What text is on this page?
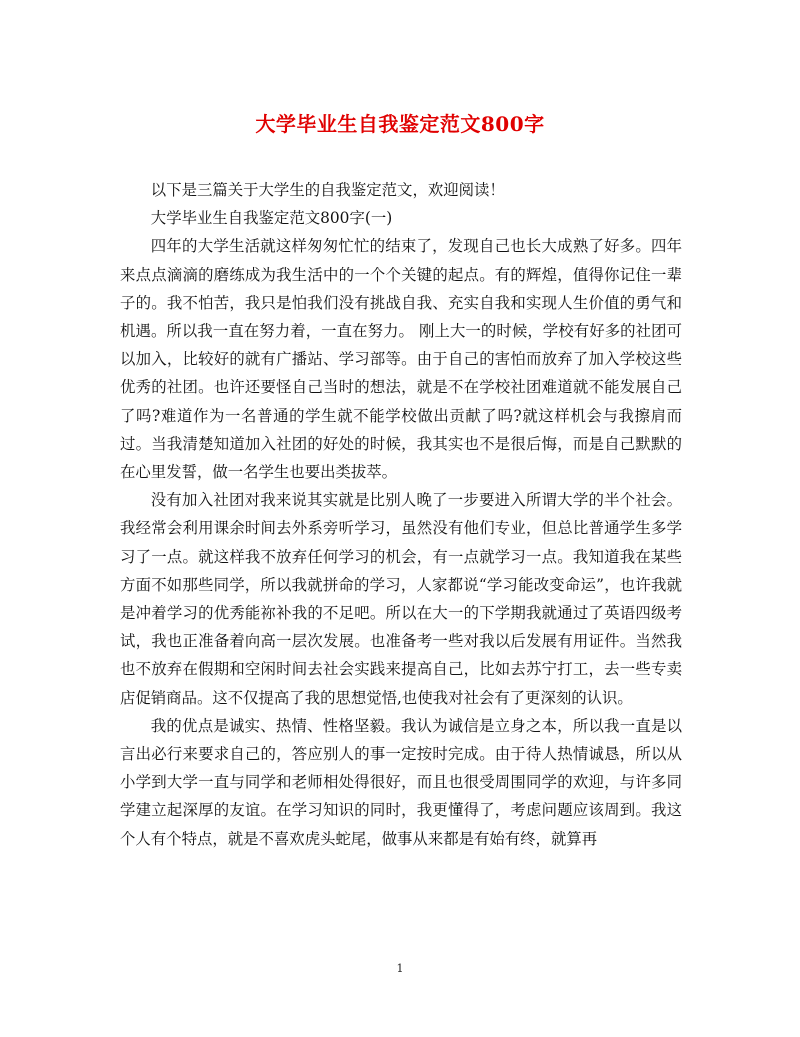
大学毕业生自我鉴定范文800字

以下是三篇关于大学生的自我鉴定范文，欢迎阅读！

大学毕业生自我鉴定范文800字(一)

四年的大学生活就这样匆匆忙忙的结束了，发现自己也长大成熟了好多。四年来点点滴滴的磨练成为我生活中的一个个关键的起点。有的辉煌，值得你记住一辈子的。我不怕苦，我只是怕我们没有挑战自我、充实自我和实现人生价值的勇气和机遇。所以我一直在努力着，一直在努力。 刚上大一的时候，学校有好多的社团可以加入，比较好的就有广播站、学习部等。由于自己的害怕而放弃了加入学校这些优秀的社团。也许还要怪自己当时的想法，就是不在学校社团难道就不能发展自己了吗?难道作为一名普通的学生就不能学校做出贡献了吗?就这样机会与我擦肩而过。当我清楚知道加入社团的好处的时候，我其实也不是很后悔，而是自己默默的在心里发誓，做一名学生也要出类拔萃。

没有加入社团对我来说其实就是比别人晚了一步要进入所谓大学的半个社会。我经常会利用课余时间去外系旁听学习，虽然没有他们专业，但总比普通学生多学习了一点。就这样我不放弃任何学习的机会，有一点就学习一点。我知道我在某些方面不如那些同学，所以我就拼命的学习，人家都说“学习能改变命运”，也许我就是冲着学习的优秀能祢补我的不足吧。所以在大一的下学期我就通过了英语四级考试，我也正准备着向高一层次发展。也准备考一些对我以后发展有用证件。当然我也不放弃在假期和空闲时间去社会实践来提高自己，比如去苏宁打工，去一些专卖店促销商品。这不仅提高了我的思想觉悟,也使我对社会有了更深刻的认识。

我的优点是诚实、热情、性格坚毅。我认为诚信是立身之本，所以我一直是以言出必行来要求自己的，答应别人的事一定按时完成。由于待人热情诚恳，所以从小学到大学一直与同学和老师相处得很好，而且也很受周围同学的欢迎，与许多同学建立起深厚的友谊。在学习知识的同时，我更懂得了，考虑问题应该周到。我这个人有个特点，就是不喜欢虎头蛇尾，做事从来都是有始有终，就算再

1
